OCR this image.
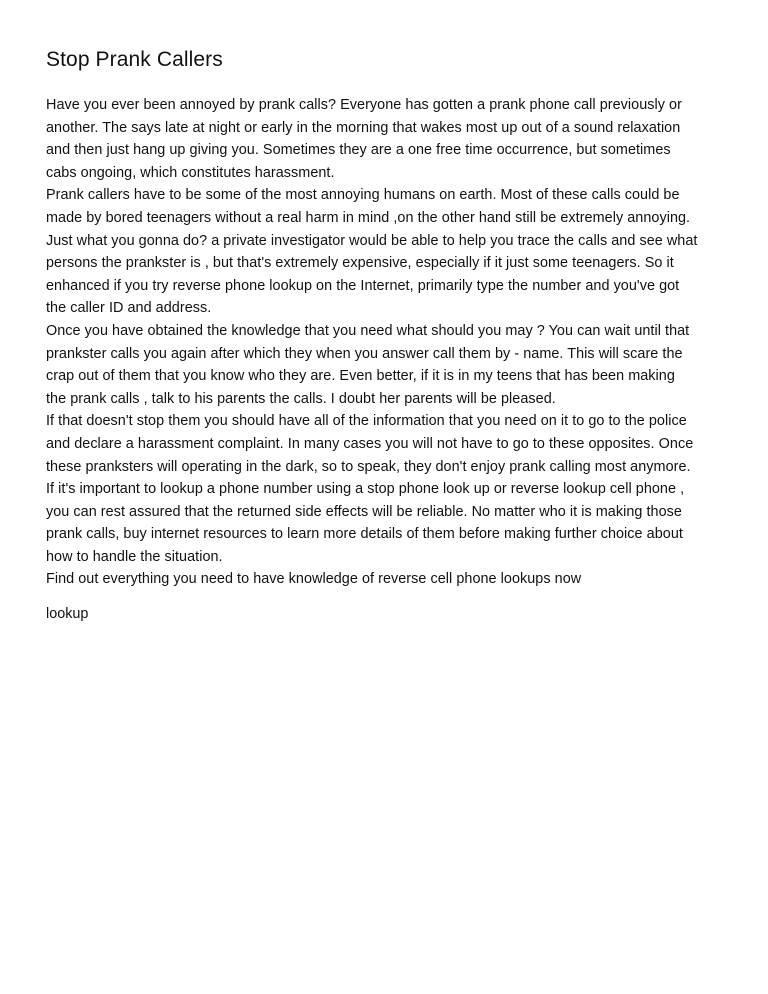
Stop Prank Callers

Have you ever been annoyed by prank calls? Everyone has gotten a prank phone call previously or
another. The says late at night or early in the morning that wakes most up out of a sound relaxation
and then just hang up giving you. Sometimes they are a one free time occurrence, but sometimes
cabs ongoing, which constitutes harassment.

Prank callers have to be some of the most annoying humans on earth. Most of these calls could be
made by bored teenagers without a real harm in mind ,on the other hand still be extremely annoying.
Just what you gonna do? a private investigator would be able to help you trace the calls and see what
persons the prankster is , but that's extremely expensive, especially if it just some teenagers. So it
enhanced if you try reverse phone lookup on the Internet, primarily type the number and you've got
the caller ID and address.

Once you have obtained the knowledge that you need what should you may ? You can wait until that
prankster calls you again after which they when you answer call them by - name. This will scare the
crap out of them that you know who they are. Even better, if it is in my teens that has been making
the prank calls , talk to his parents the calls. I doubt her parents will be pleased.

If that doesn't stop them you should have all of the information that you need on it to go to the police
and declare a harassment complaint. In many cases you will not have to go to these opposites. Once
these pranksters will operating in the dark, so to speak, they don't enjoy prank calling most anymore.

If it's important to lookup a phone number using a stop phone look up or reverse lookup cell phone ,
you can rest assured that the returned side effects will be reliable. No matter who it is making those
prank calls, buy internet resources to learn more details of them before making further choice about
how to handle the situation.

Find out everything you need to have knowledge of reverse cell phone lookups now

lookup
